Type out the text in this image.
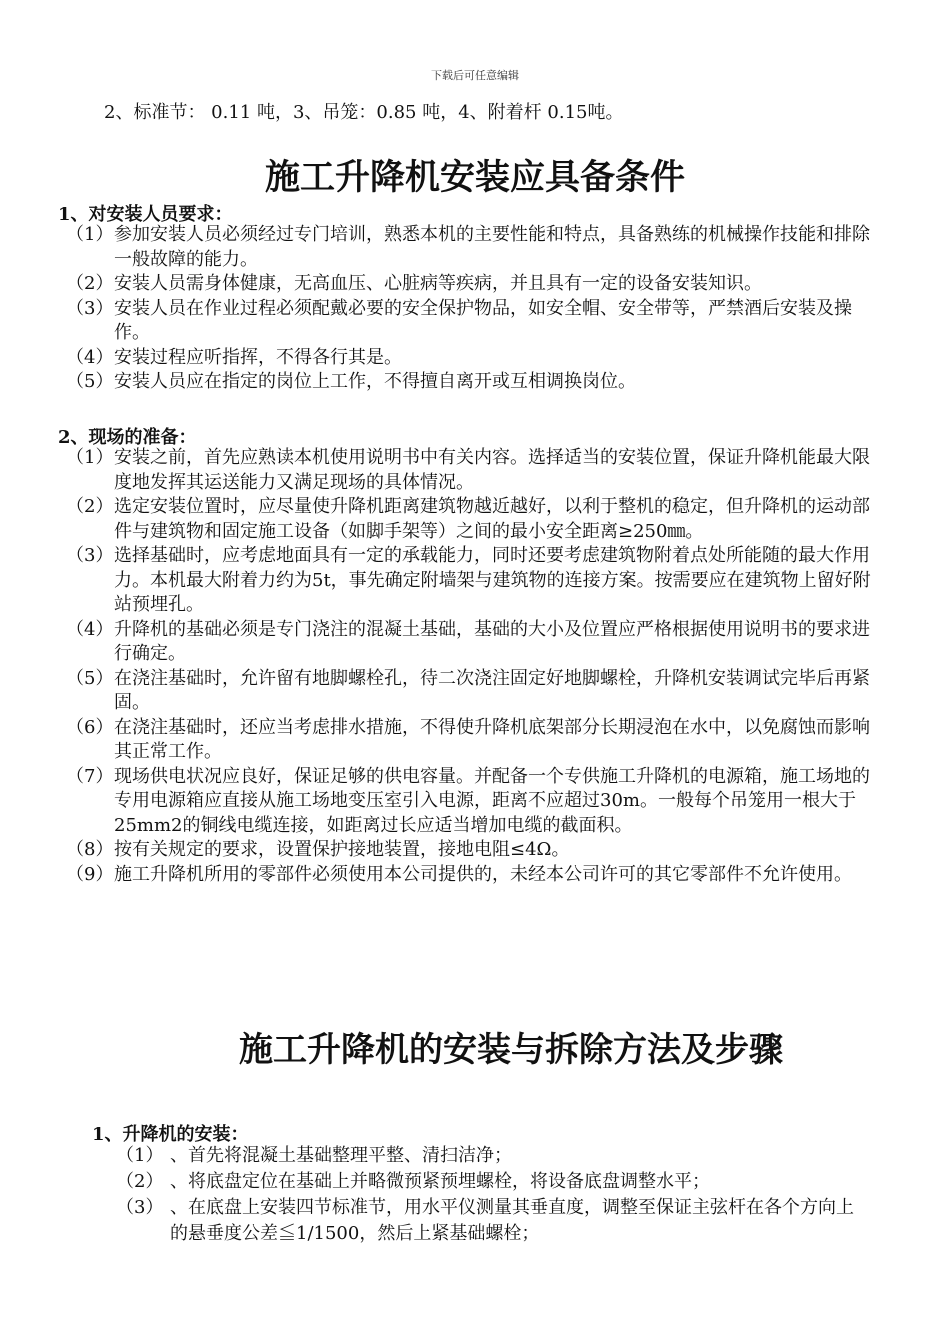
下载后可任意编辑
2、标准节： 0.11 吨，3、吊笼：0.85 吨，4、附着杆 0.15吨。
施工升降机安装应具备条件
1、对安装人员要求：
（1） 参加安装人员必须经过专门培训，熟悉本机的主要性能和特点，具备熟练的机械操作技能和排除一般故障的能力。
（2） 安装人员需身体健康，无高血压、心脏病等疾病，并且具有一定的设备安装知识。
（3） 安装人员在作业过程必须配戴必要的安全保护物品，如安全帽、安全带等，严禁酒后安装及操作。
（4） 安装过程应听指挥，不得各行其是。
（5） 安装人员应在指定的岗位上工作，不得擅自离开或互相调换岗位。
2、现场的准备：
（1） 安装之前，首先应熟读本机使用说明书中有关内容。选择适当的安装位置，保证升降机能最大限度地发挥其运送能力又满足现场的具体情况。
（2） 选定安装位置时，应尽量使升降机距离建筑物越近越好，以利于整机的稳定，但升降机的运动部件与建筑物和固定施工设备（如脚手架等）之间的最小安全距离≥250㎜。
（3） 选择基础时，应考虑地面具有一定的承载能力，同时还要考虑建筑物附着点处所能随的最大作用力。本机最大附着力约为5t，事先确定附墙架与建筑物的连接方案。按需要应在建筑物上留好附站预埋孔。
（4） 升降机的基础必须是专门浇注的混凝土基础，基础的大小及位置应严格根据使用说明书的要求进行确定。
（5） 在浇注基础时，允许留有地脚螺栓孔，待二次浇注固定好地脚螺栓，升降机安装调试完毕后再紧固。
（6） 在浇注基础时，还应当考虑排水措施，不得使升降机底架部分长期浸泡在水中，以免腐蚀而影响其正常工作。
（7） 现场供电状况应良好，保证足够的供电容量。并配备一个专供施工升降机的电源箱，施工场地的专用电源箱应直接从施工场地变压室引入电源，距离不应超过30m。一般每个吊笼用一根大于25mm2的铜线电缆连接，如距离过长应适当增加电缆的截面积。
（8） 按有关规定的要求，设置保护接地装置，接地电阻≤4Ω。
（9） 施工升降机所用的零部件必须使用本公司提供的，未经本公司许可的其它零部件不允许使用。
施工升降机的安装与拆除方法及步骤
1、升降机的安装：
（1） 、首先将混凝土基础整理平整、清扫洁净；
（2） 、将底盘定位在基础上并略微预紧预埋螺栓，将设备底盘调整水平；
（3） 、在底盘上安装四节标准节，用水平仪测量其垂直度，调整至保证主弦杆在各个方向上的悬垂度公差≦1/1500，然后上紧基础螺栓；
